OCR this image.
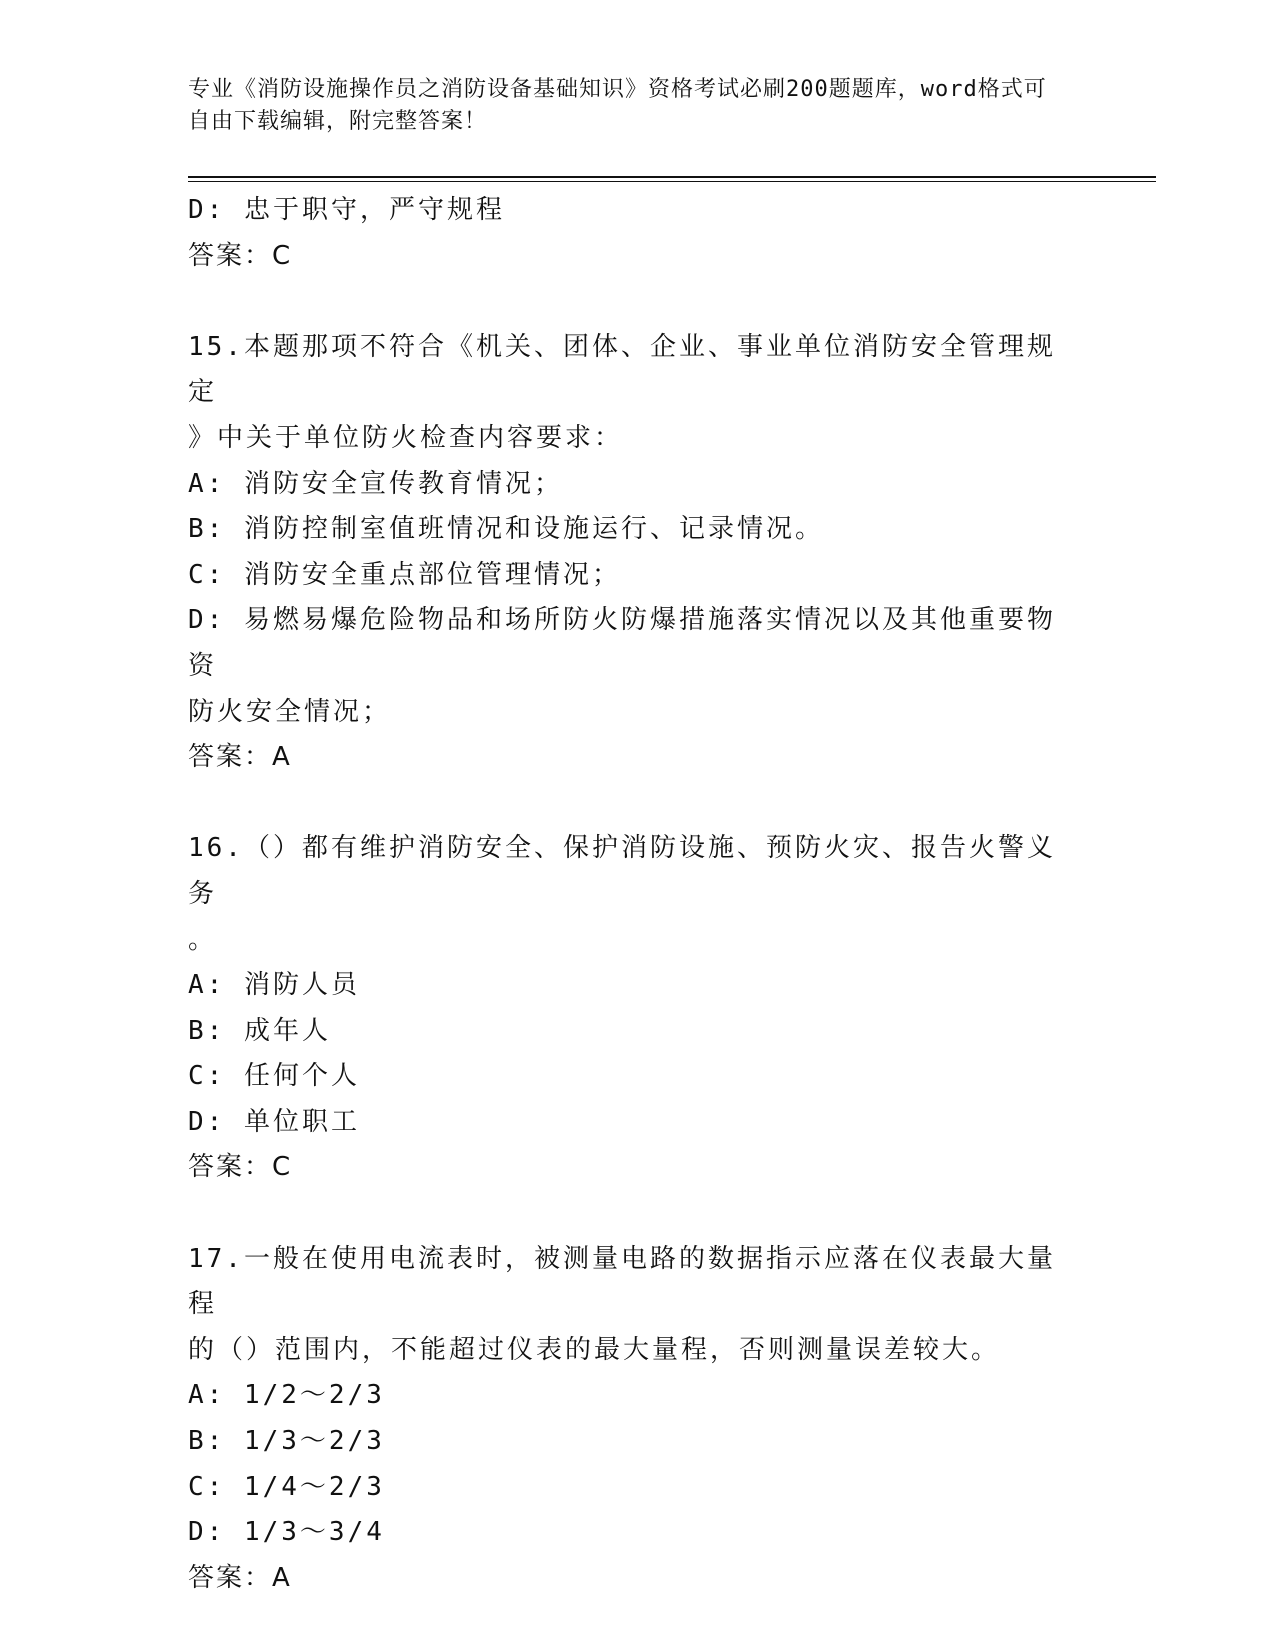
专业《消防设施操作员之消防设备基础知识》资格考试必刷200题题库，word格式可自由下载编辑，附完整答案！
D: 忠于职守，严守规程
答案：C
15.本题那项不符合《机关、团体、企业、事业单位消防安全管理规定
》中关于单位防火检查内容要求：
A: 消防安全宣传教育情况；
B: 消防控制室值班情况和设施运行、记录情况。
C: 消防安全重点部位管理情况；
D: 易燃易爆危险物品和场所防火防爆措施落实情况以及其他重要物资
防火安全情况；
答案：A
16.（）都有维护消防安全、保护消防设施、预防火灾、报告火警义务
。
A: 消防人员
B: 成年人
C: 任何个人
D: 单位职工
答案：C
17.一般在使用电流表时，被测量电路的数据指示应落在仪表最大量程
的（）范围内，不能超过仪表的最大量程，否则测量误差较大。
A: 1/2～2/3
B: 1/3～2/3
C: 1/4～2/3
D: 1/3～3/4
答案：A
